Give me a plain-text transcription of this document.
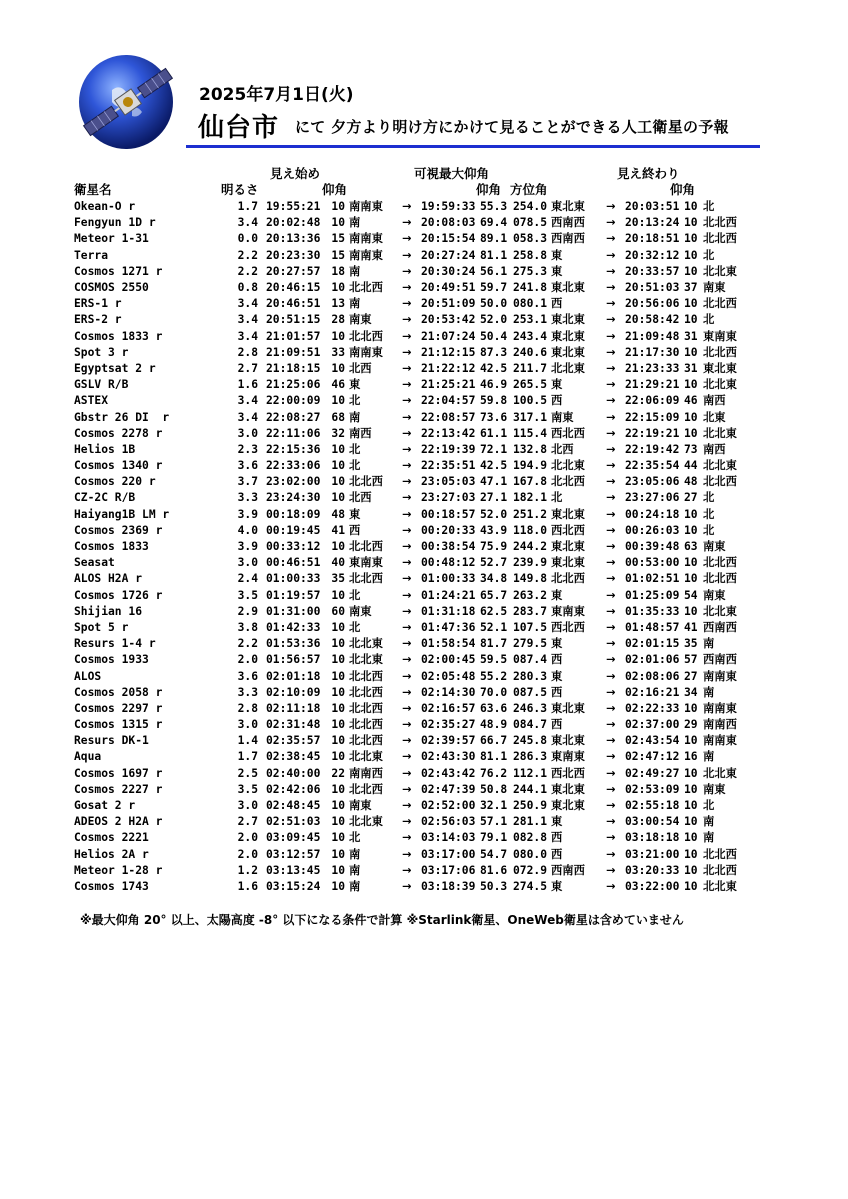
2025年7月1日(火)
仙台市 にて 夕方より明け方にかけて見ることができる人工衛星の予報
見え始め	可視最大仰角	見え終わり
衛星名	明るさ	仰角	仰角 方位角	仰角
Okean-O r	1.7	19:55:21	10	南南東	→	19:59:33	55.3	254.0	東北東	→	20:03:51	10	北
Fengyun 1D r	3.4	20:02:48	10	南	→	20:08:03	69.4	078.5	西南西	→	20:13:24	10	北北西
Meteor 1-31	0.0	20:13:36	15	南南東	→	20:15:54	89.1	058.3	西南西	→	20:18:51	10	北北西
Terra	2.2	20:23:30	15	南南東	→	20:27:24	81.1	258.8	東	→	20:32:12	10	北
Cosmos 1271 r	2.2	20:27:57	18	南	→	20:30:24	56.1	275.3	東	→	20:33:57	10	北北東
COSMOS 2550	0.8	20:46:15	10	北北西	→	20:49:51	59.7	241.8	東北東	→	20:51:03	37	南東
ERS-1 r	3.4	20:46:51	13	南	→	20:51:09	50.0	080.1	西	→	20:56:06	10	北北西
ERS-2 r	3.4	20:51:15	28	南東	→	20:53:42	52.0	253.1	東北東	→	20:58:42	10	北
Cosmos 1833 r	3.4	21:01:57	10	北北西	→	21:07:24	50.4	243.4	東北東	→	21:09:48	31	東南東
Spot 3 r	2.8	21:09:51	33	南南東	→	21:12:15	87.3	240.6	東北東	→	21:17:30	10	北北西
Egyptsat 2 r	2.7	21:18:15	10	北西	→	21:22:12	42.5	211.7	北北東	→	21:23:33	31	東北東
GSLV R/B	1.6	21:25:06	46	東	→	21:25:21	46.9	265.5	東	→	21:29:21	10	北北東
ASTEX	3.4	22:00:09	10	北	→	22:04:57	59.8	100.5	西	→	22:06:09	46	南西
Gbstr 26 DI  r	3.4	22:08:27	68	南	→	22:08:57	73.6	317.1	南東	→	22:15:09	10	北東
Cosmos 2278 r	3.0	22:11:06	32	南西	→	22:13:42	61.1	115.4	西北西	→	22:19:21	10	北北東
Helios 1B	2.3	22:15:36	10	北	→	22:19:39	72.1	132.8	北西	→	22:19:42	73	南西
Cosmos 1340 r	3.6	22:33:06	10	北	→	22:35:51	42.5	194.9	北北東	→	22:35:54	44	北北東
Cosmos 220 r	3.7	23:02:00	10	北北西	→	23:05:03	47.1	167.8	北北西	→	23:05:06	48	北北西
CZ-2C R/B	3.3	23:24:30	10	北西	→	23:27:03	27.1	182.1	北	→	23:27:06	27	北
Haiyang1B LM r	3.9	00:18:09	48	東	→	00:18:57	52.0	251.2	東北東	→	00:24:18	10	北
Cosmos 2369 r	4.0	00:19:45	41	西	→	00:20:33	43.9	118.0	西北西	→	00:26:03	10	北
Cosmos 1833	3.9	00:33:12	10	北北西	→	00:38:54	75.9	244.2	東北東	→	00:39:48	63	南東
Seasat	3.0	00:46:51	40	東南東	→	00:48:12	52.7	239.9	東北東	→	00:53:00	10	北北西
ALOS H2A r	2.4	01:00:33	35	北北西	→	01:00:33	34.8	149.8	北北西	→	01:02:51	10	北北西
Cosmos 1726 r	3.5	01:19:57	10	北	→	01:24:21	65.7	263.2	東	→	01:25:09	54	南東
Shijian 16	2.9	01:31:00	60	南東	→	01:31:18	62.5	283.7	東南東	→	01:35:33	10	北北東
Spot 5 r	3.8	01:42:33	10	北	→	01:47:36	52.1	107.5	西北西	→	01:48:57	41	西南西
Resurs 1-4 r	2.2	01:53:36	10	北北東	→	01:58:54	81.7	279.5	東	→	02:01:15	35	南
Cosmos 1933	2.0	01:56:57	10	北北東	→	02:00:45	59.5	087.4	西	→	02:01:06	57	西南西
ALOS	3.6	02:01:18	10	北北西	→	02:05:48	55.2	280.3	東	→	02:08:06	27	南南東
Cosmos 2058 r	3.3	02:10:09	10	北北西	→	02:14:30	70.0	087.5	西	→	02:16:21	34	南
Cosmos 2297 r	2.8	02:11:18	10	北北西	→	02:16:57	63.6	246.3	東北東	→	02:22:33	10	南南東
Cosmos 1315 r	3.0	02:31:48	10	北北西	→	02:35:27	48.9	084.7	西	→	02:37:00	29	南南西
Resurs DK-1	1.4	02:35:57	10	北北西	→	02:39:57	66.7	245.8	東北東	→	02:43:54	10	南南東
Aqua	1.7	02:38:45	10	北北東	→	02:43:30	81.1	286.3	東南東	→	02:47:12	16	南
Cosmos 1697 r	2.5	02:40:00	22	南南西	→	02:43:42	76.2	112.1	西北西	→	02:49:27	10	北北東
Cosmos 2227 r	3.5	02:42:06	10	北北西	→	02:47:39	50.8	244.1	東北東	→	02:53:09	10	南東
Gosat 2 r	3.0	02:48:45	10	南東	→	02:52:00	32.1	250.9	東北東	→	02:55:18	10	北
ADEOS 2 H2A r	2.7	02:51:03	10	北北東	→	02:56:03	57.1	281.1	東	→	03:00:54	10	南
Cosmos 2221	2.0	03:09:45	10	北	→	03:14:03	79.1	082.8	西	→	03:18:18	10	南
Helios 2A r	2.0	03:12:57	10	南	→	03:17:00	54.7	080.0	西	→	03:21:00	10	北北西
Meteor 1-28 r	1.2	03:13:45	10	南	→	03:17:06	81.6	072.9	西南西	→	03:20:33	10	北北西
Cosmos 1743	1.6	03:15:24	10	南	→	03:18:39	50.3	274.5	東	→	03:22:00	10	北北東
※最大仰角 20° 以上、太陽高度 -8° 以下になる条件で計算 ※Starlink衛星、OneWeb衛星は含めていません
